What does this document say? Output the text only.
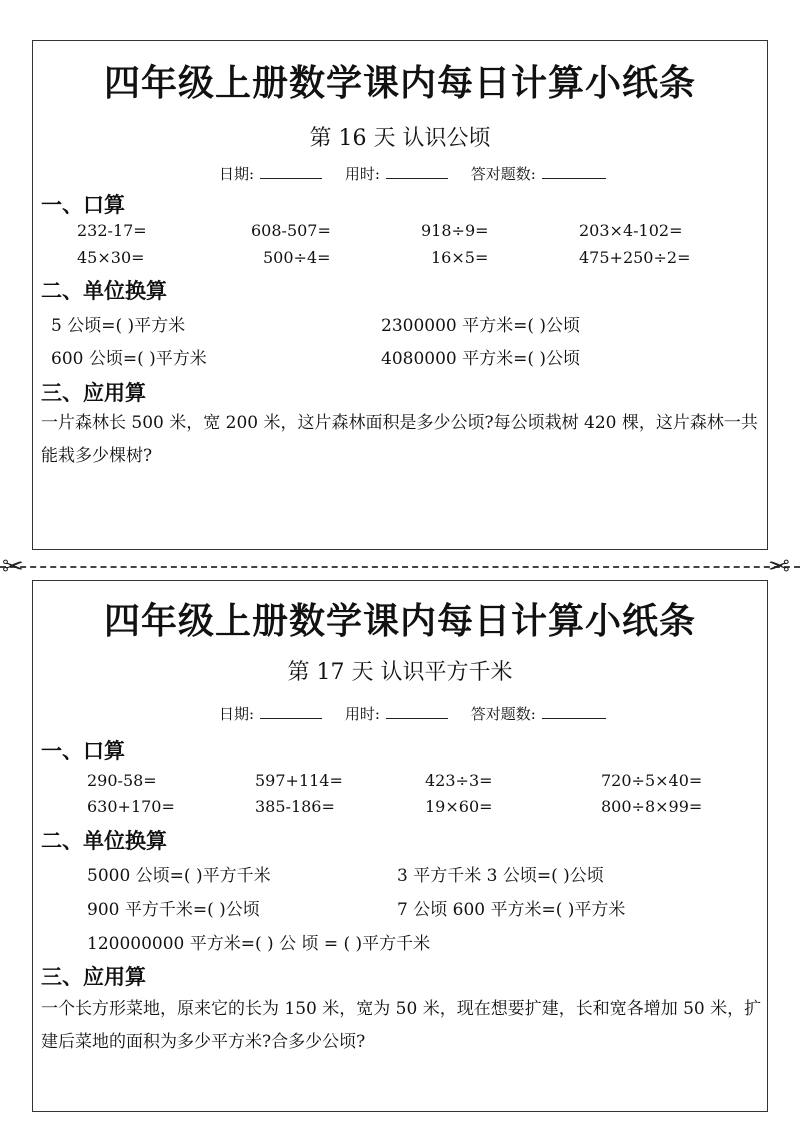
四年级上册数学课内每日计算小纸条
第 16 天 认识公顷
日期:	用时:	答对题数:
一、口算
232-17=	608-507=	918÷9=	203×4-102=
45×30=	500÷4=	16×5=	475+250÷2=
二、单位换算
5 公顷=( )平方米	2300000 平方米=( )公顷
600 公顷=( )平方米	4080000 平方米=( )公顷
三、应用算
一片森林长 500 米，宽 200 米，这片森林面积是多少公顷?每公顷栽树 420 棵，这片森林一共能栽多少棵树?
✂	✂
四年级上册数学课内每日计算小纸条
第 17 天 认识平方千米
日期:	用时:	答对题数:
一、口算
290-58=	597+114=	423÷3=	720÷5×40=
630+170=	385-186=	19×60=	800÷8×99=
二、单位换算
5000 公顷=( )平方千米	3 平方千米 3 公顷=( )公顷
900 平方千米=( )公顷	7 公顷 600 平方米=( )平方米
120000000 平方米=( ) 公 顷 = ( )平方千米
三、应用算
一个长方形菜地，原来它的长为 150 米，宽为 50 米，现在想要扩建，长和宽各增加 50 米，扩建后菜地的面积为多少平方米?合多少公顷?
